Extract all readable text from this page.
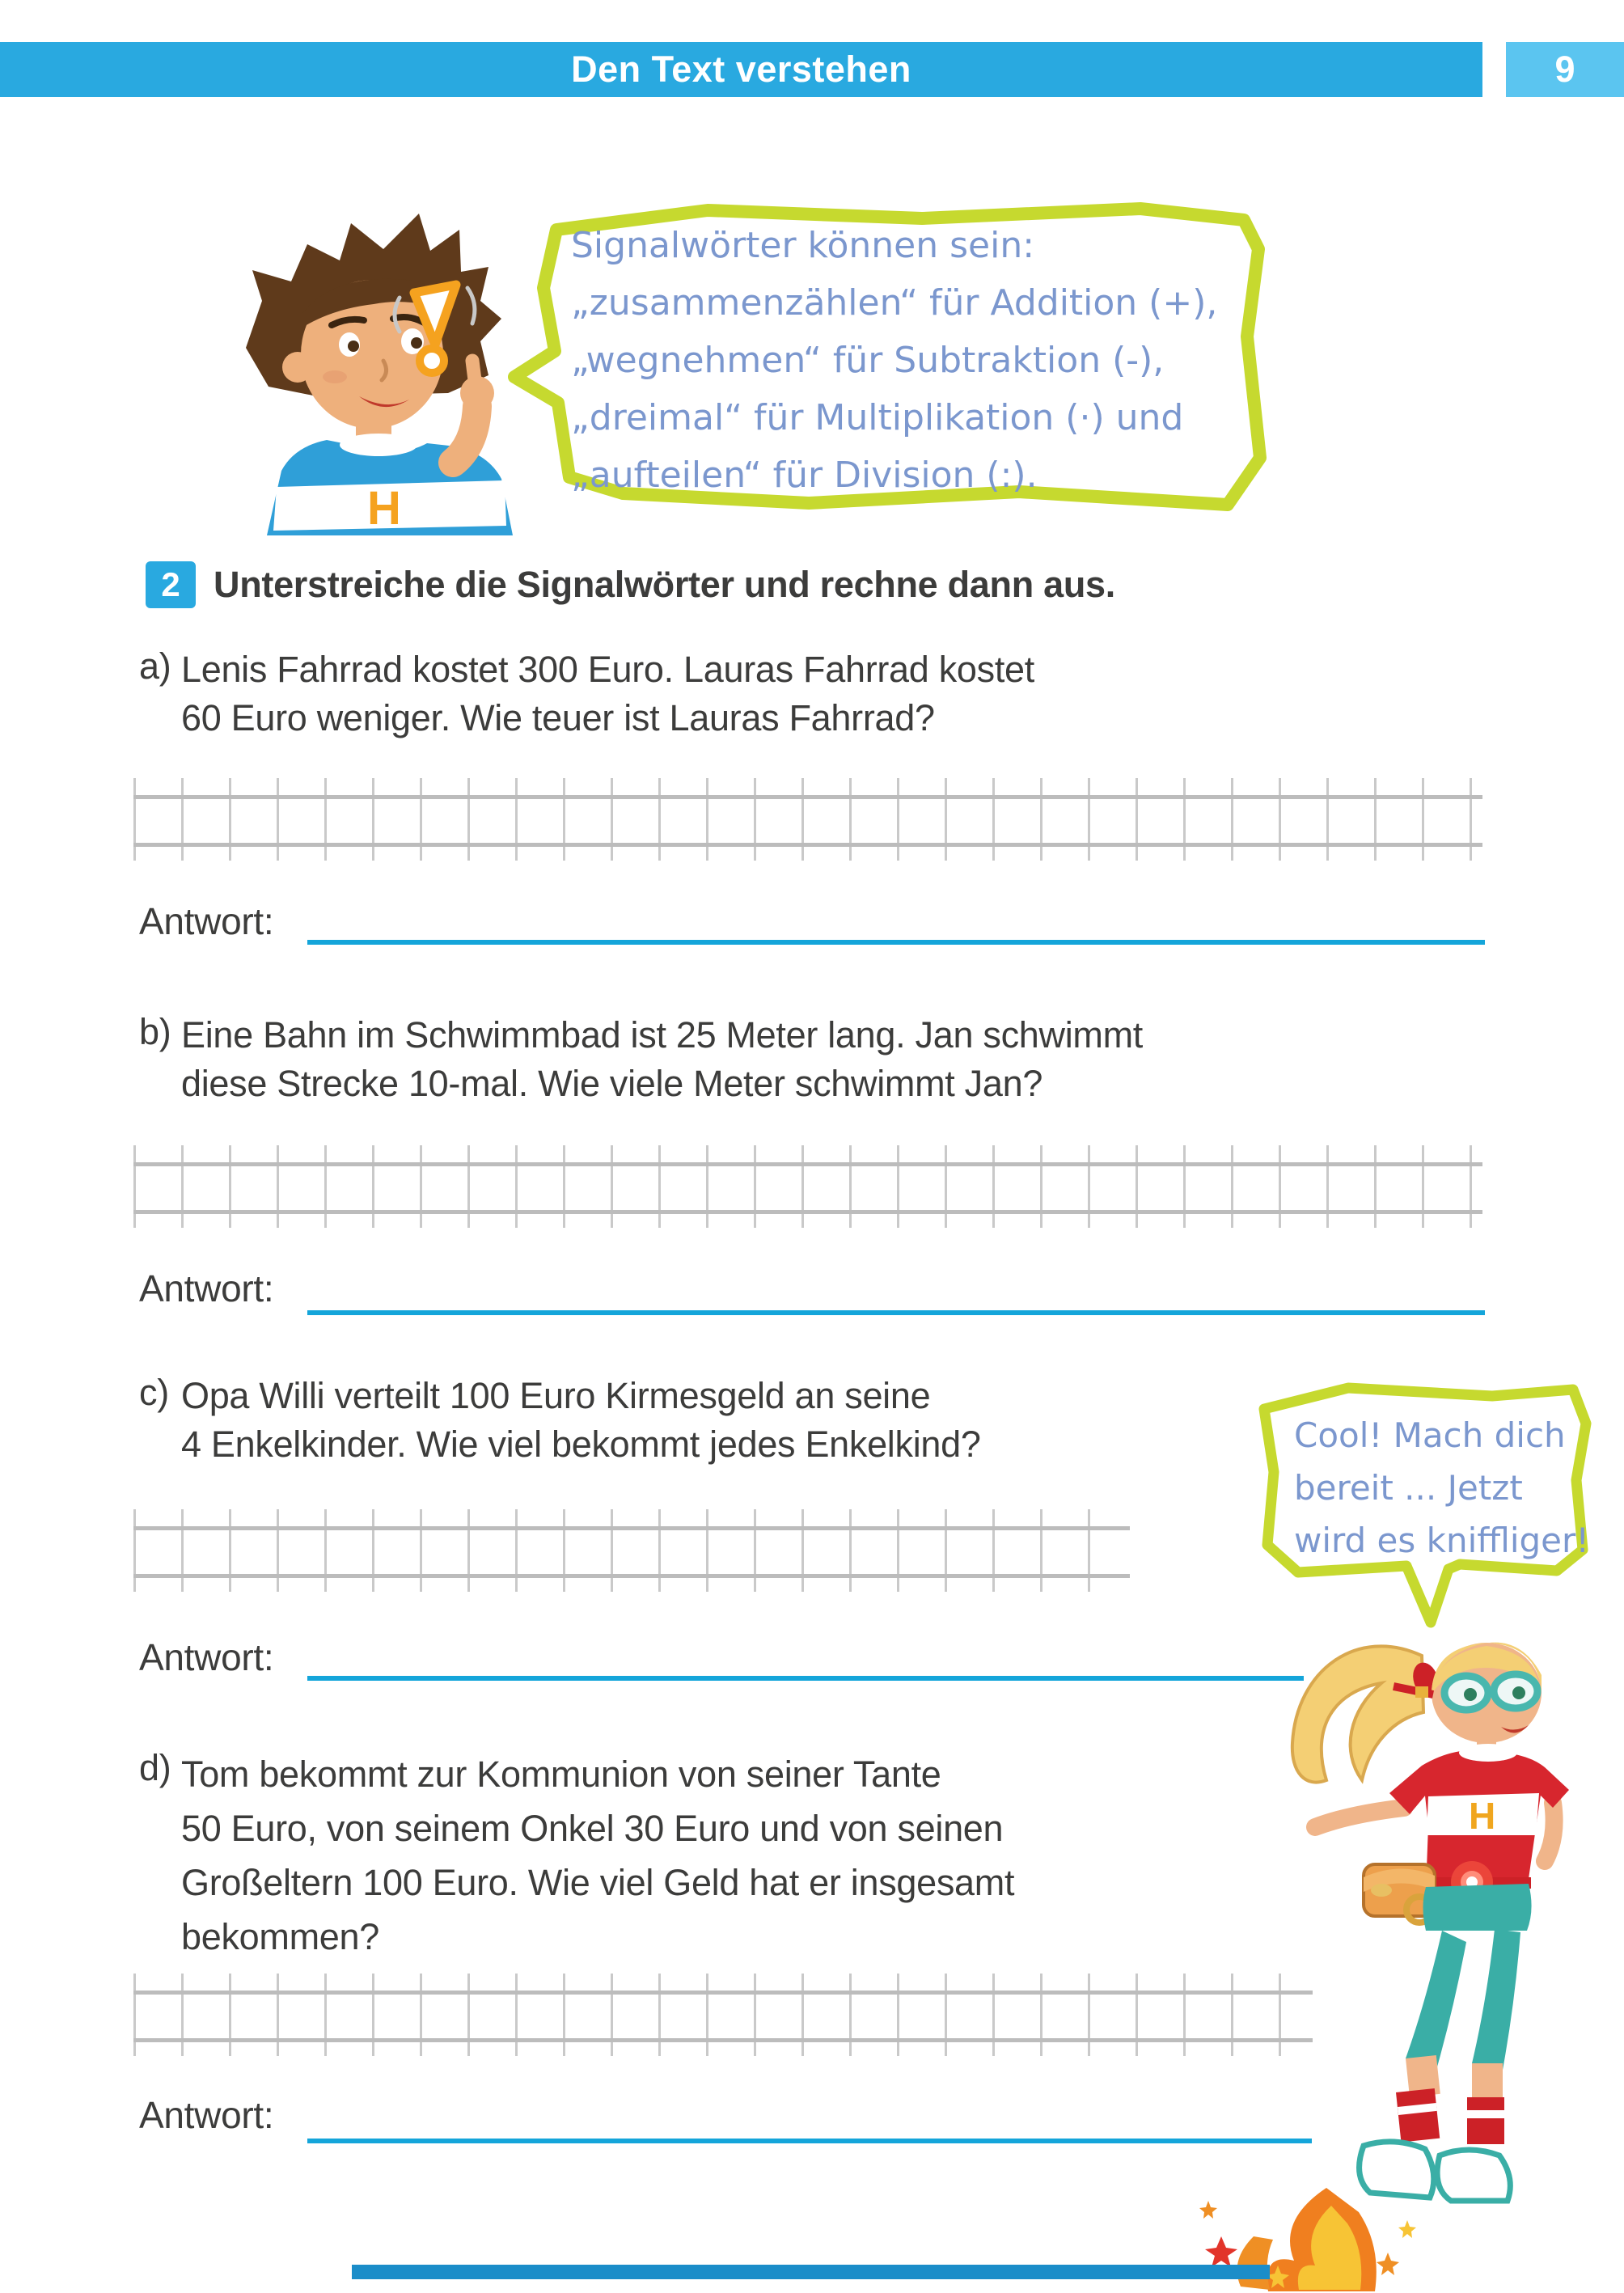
Den Text verstehen	9
Signalwörter können sein:
„zusammenzählen“ für Addition (+),
„wegnehmen“ für Subtraktion (-),
„dreimal“ für Multiplikation (·) und
„aufteilen“ für Division (:).
H
2 Unterstreiche die Signalwörter und rechne dann aus.
a) Lenis Fahrrad kostet 300 Euro. Lauras Fahrrad kostet
60 Euro weniger. Wie teuer ist Lauras Fahrrad?
Antwort:
b) Eine Bahn im Schwimmbad ist 25 Meter lang. Jan schwimmt
diese Strecke 10-mal. Wie viele Meter schwimmt Jan?
Antwort:
c) Opa Willi verteilt 100 Euro Kirmesgeld an seine
4 Enkelkinder. Wie viel bekommt jedes Enkelkind?
Antwort:
Cool! Mach dich
bereit ... Jetzt
wird es kniffliger!
d) Tom bekommt zur Kommunion von seiner Tante
50 Euro, von seinem Onkel 30 Euro und von seinen
Großeltern 100 Euro. Wie viel Geld hat er insgesamt
bekommen?
Antwort:
H
